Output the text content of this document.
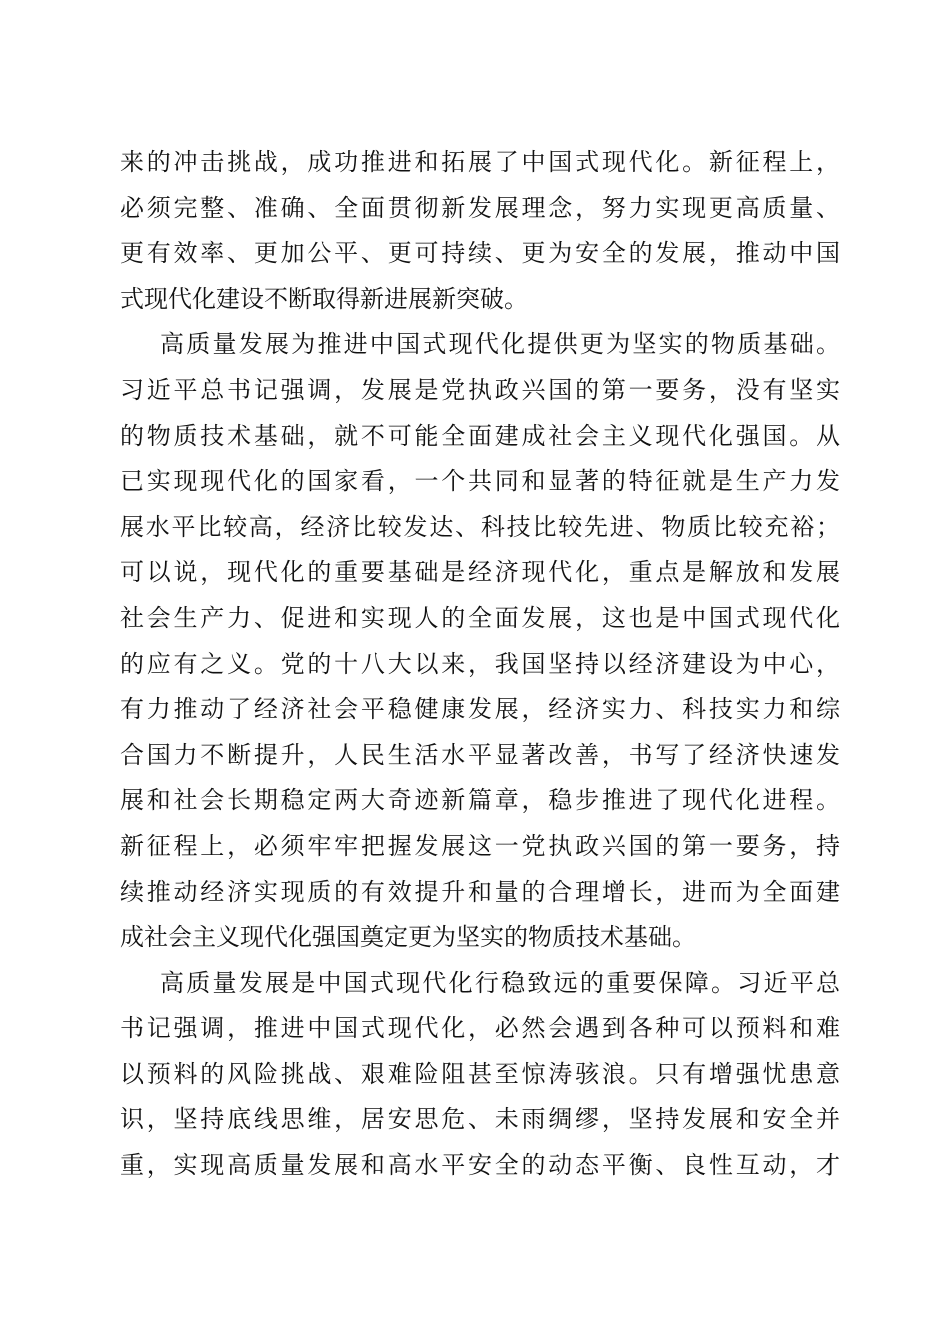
来的冲击挑战，成功推进和拓展了中国式现代化。新征程上，
必须完整、准确、全面贯彻新发展理念，努力实现更高质量、
更有效率、更加公平、更可持续、更为安全的发展，推动中国
式现代化建设不断取得新进展新突破。
高质量发展为推进中国式现代化提供更为坚实的物质基础。
习近平总书记强调，发展是党执政兴国的第一要务，没有坚实
的物质技术基础，就不可能全面建成社会主义现代化强国。从
已实现现代化的国家看，一个共同和显著的特征就是生产力发
展水平比较高，经济比较发达、科技比较先进、物质比较充裕；
可以说，现代化的重要基础是经济现代化，重点是解放和发展
社会生产力、促进和实现人的全面发展，这也是中国式现代化
的应有之义。党的十八大以来，我国坚持以经济建设为中心，
有力推动了经济社会平稳健康发展，经济实力、科技实力和综
合国力不断提升，人民生活水平显著改善，书写了经济快速发
展和社会长期稳定两大奇迹新篇章，稳步推进了现代化进程。
新征程上，必须牢牢把握发展这一党执政兴国的第一要务，持
续推动经济实现质的有效提升和量的合理增长，进而为全面建
成社会主义现代化强国奠定更为坚实的物质技术基础。
高质量发展是中国式现代化行稳致远的重要保障。习近平总
书记强调，推进中国式现代化，必然会遇到各种可以预料和难
以预料的风险挑战、艰难险阻甚至惊涛骇浪。只有增强忧患意
识，坚持底线思维，居安思危、未雨绸缪，坚持发展和安全并
重，实现高质量发展和高水平安全的动态平衡、良性互动，才
